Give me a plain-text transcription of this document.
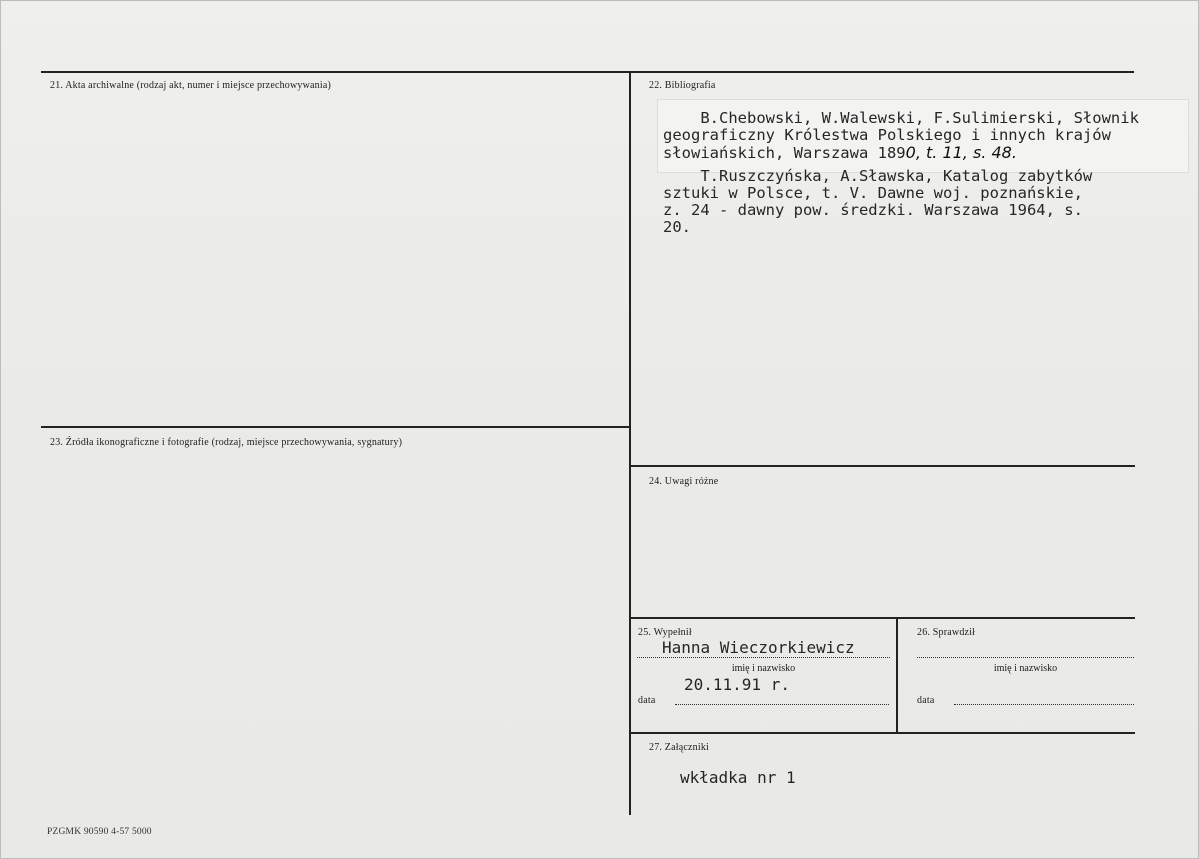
21. Akta archiwalne (rodzaj akt, numer i miejsce przechowywania)	22. Bibliografia
B.Chebowski, W.Walewski, F.Sulimierski, Słownik
geograficzny Królestwa Polskiego i innych krajów
słowiańskich, Warszawa 1890, t. 11, s. 48.
T.Ruszczyńska, A.Sławska, Katalog zabytków
sztuki w Polsce, t. V. Dawne woj. poznańskie,
z. 24 - dawny pow. średzki. Warszawa 1964, s.
20.
23. Źródła ikonograficzne i fotografie (rodzaj, miejsce przechowywania, sygnatury)
24. Uwagi różne
25. Wypełnił
Hanna Wieczorkiewicz
imię i nazwisko
20.11.91 r.
data
26. Sprawdził
imię i nazwisko
data
27. Załączniki
wkładka nr 1
PZGMK 90590 4-57 5000
